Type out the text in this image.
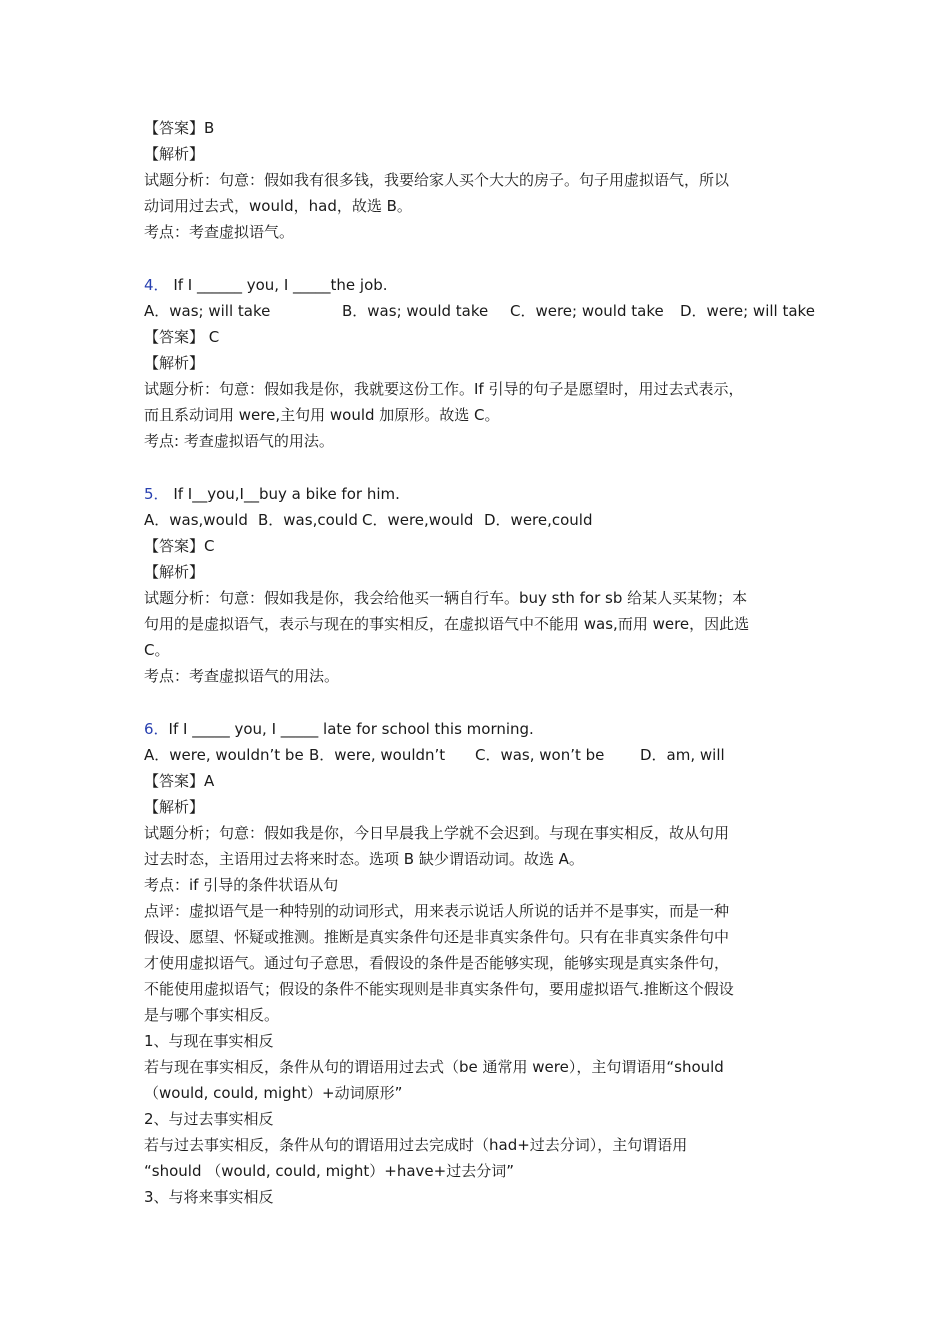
【答案】B
【解析】
试题分析：句意：假如我有很多钱，我要给家人买个大大的房子。句子用虚拟语气，所以
动词用过去式，would，had，故选 B。
考点：考查虚拟语气。
4． If I ______ you, I _____the job.
A．was; will take	B．was; would take C．were; would take D．were; will take
【答案】 C
【解析】
试题分析：句意：假如我是你，我就要这份工作。If 引导的句子是愿望时，用过去式表示，
而且系动词用 were,主句用 would 加原形。故选 C。
考点: 考查虚拟语气的用法。
5． If I__you,I__buy a bike for him.
A．was,would B．was,could C．were,would D．were,could
【答案】C
【解析】
试题分析：句意：假如我是你，我会给他买一辆自行车。buy sth for sb 给某人买某物；本
句用的是虚拟语气，表示与现在的事实相反，在虚拟语气中不能用 was,而用 were，因此选
C。
考点：考查虚拟语气的用法。
6．If I _____ you, I _____ late for school this morning.
A．were, wouldn’t be B．were, wouldn’t C．was, won’t be D．am, will
【答案】A
【解析】
试题分析；句意：假如我是你，今日早晨我上学就不会迟到。与现在事实相反，故从句用
过去时态，主语用过去将来时态。选项 B 缺少谓语动词。故选 A。
考点：if 引导的条件状语从句
点评：虚拟语气是一种特别的动词形式，用来表示说话人所说的话并不是事实，而是一种
假设、愿望、怀疑或推测。推断是真实条件句还是非真实条件句。只有在非真实条件句中
才使用虚拟语气。通过句子意思，看假设的条件是否能够实现，能够实现是真实条件句，
不能使用虚拟语气；假设的条件不能实现则是非真实条件句，要用虚拟语气.推断这个假设
是与哪个事实相反。
1、与现在事实相反
若与现在事实相反，条件从句的谓语用过去式（be 通常用 were），主句谓语用“should
（would, could, might）+动词原形”
2、与过去事实相反
若与过去事实相反，条件从句的谓语用过去完成时（had+过去分词），主句谓语用
“should （would, could, might）+have+过去分词”
3、与将来事实相反
